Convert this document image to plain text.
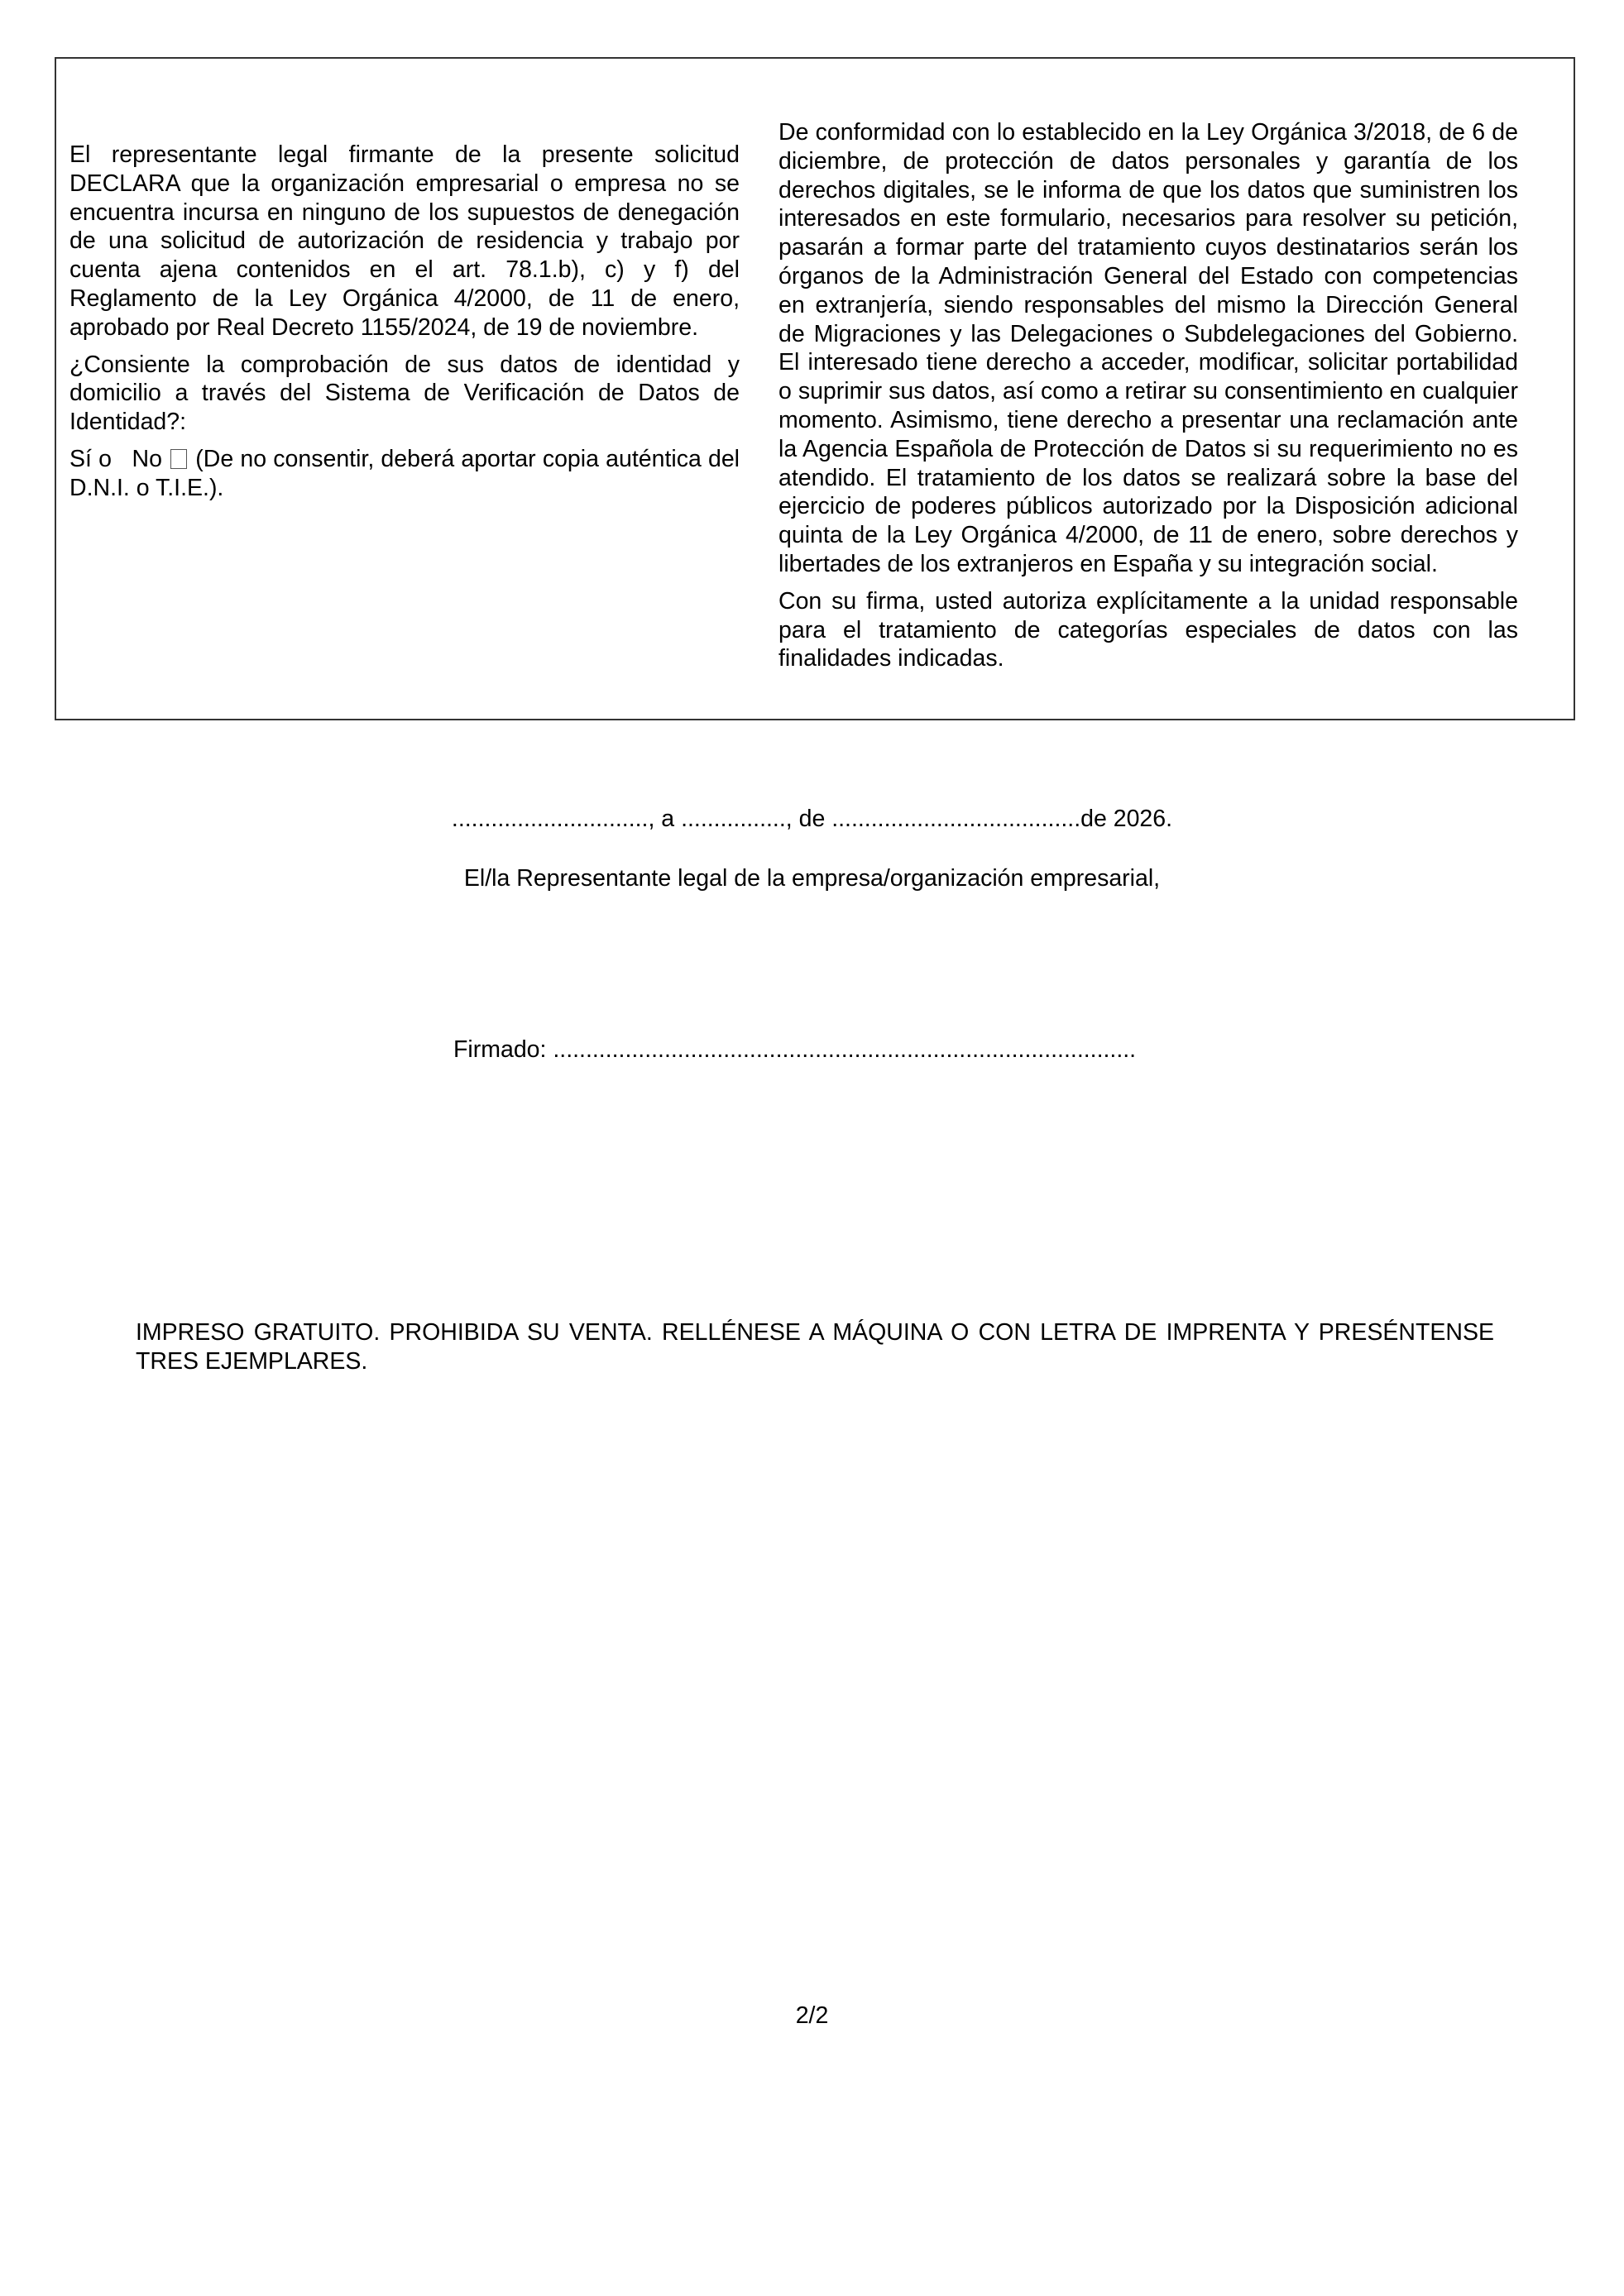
El representante legal firmante de la presente solicitud DECLARA que la organización empresarial o empresa no se encuentra incursa en ninguno de los supuestos de denegación de una solicitud de autorización de residencia y trabajo por cuenta ajena contenidos en el art. 78.1.b), c) y f) del Reglamento de la Ley Orgánica 4/2000, de 11 de enero, aprobado por Real Decreto 1155/2024, de 19 de noviembre.

¿Consiente la comprobación de sus datos de identidad y domicilio a través del Sistema de Verificación de Datos de Identidad?:

Sí o No (De no consentir, deberá aportar copia auténtica del D.N.I. o T.I.E.).

De conformidad con lo establecido en la Ley Orgánica 3/2018, de 6 de diciembre, de protección de datos personales y garantía de los derechos digitales, se le informa de que los datos que suministren los interesados en este formulario, necesarios para resolver su petición, pasarán a formar parte del tratamiento cuyos destinatarios serán los órganos de la Administración General del Estado con competencias en extranjería, siendo responsables del mismo la Dirección General de Migraciones y las Delegaciones o Subdelegaciones del Gobierno. El interesado tiene derecho a acceder, modificar, solicitar portabilidad o suprimir sus datos, así como a retirar su consentimiento en cualquier momento. Asimismo, tiene derecho a presentar una reclamación ante la Agencia Española de Protección de Datos si su requerimiento no es atendido. El tratamiento de los datos se realizará sobre la base del ejercicio de poderes públicos autorizado por la Disposición adicional quinta de la Ley Orgánica 4/2000, de 11 de enero, sobre derechos y libertades de los extranjeros en España y su integración social.

Con su firma, usted autoriza explícitamente a la unidad responsable para el tratamiento de categorías especiales de datos con las finalidades indicadas.

.............................., a ................, de ......................................de 2026.
El/la Representante legal de la empresa/organización empresarial,
Firmado: .........................................................................................
IMPRESO GRATUITO. PROHIBIDA SU VENTA. RELLÉNESE A MÁQUINA O CON LETRA DE IMPRENTA Y PRESÉNTENSE TRES EJEMPLARES.
2/2
